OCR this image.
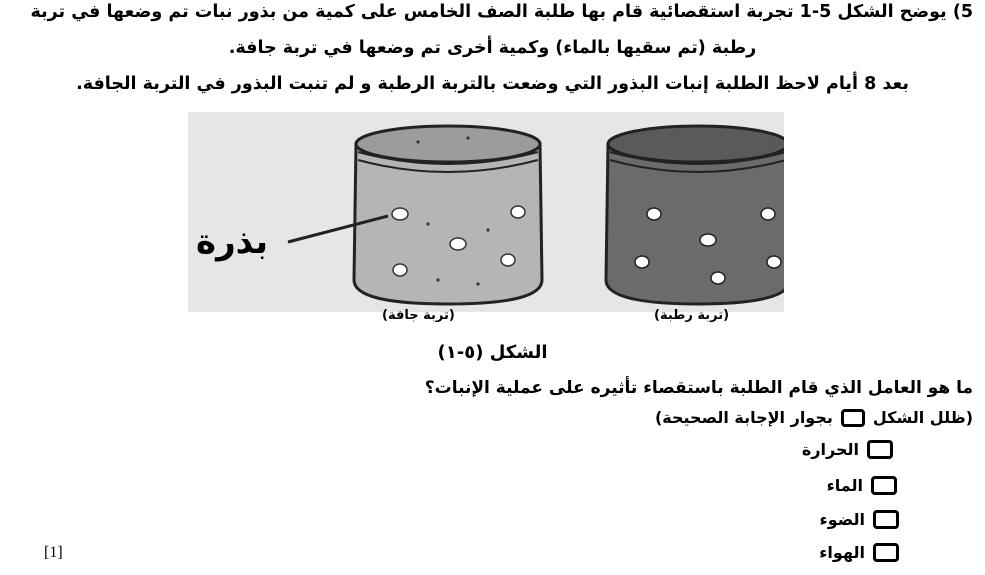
5) يوضح الشكل 5-1 تجربة استقصائية قام بها طلبة الصف الخامس على كمية من بذور نبات تم وضعها في تربة
رطبة (تم سقيها بالماء) وكمية أخرى تم وضعها في تربة جافة.
بعد 8 أيام لاحظ الطلبة إنبات البذور التي وضعت بالتربة الرطبة و لم تنبت البذور في التربة الجافة.
بذرة
(تربة جافة)	(تربة رطبة)
الشكل (٥-١)
ما هو العامل الذي قام الطلبة باستقصاء تأثيره على عملية الإنبات؟
(ظلل الشكل
بجوار الإجابة الصحيحة)
الحرارة
الماء
الضوء
الهواء
[1]
